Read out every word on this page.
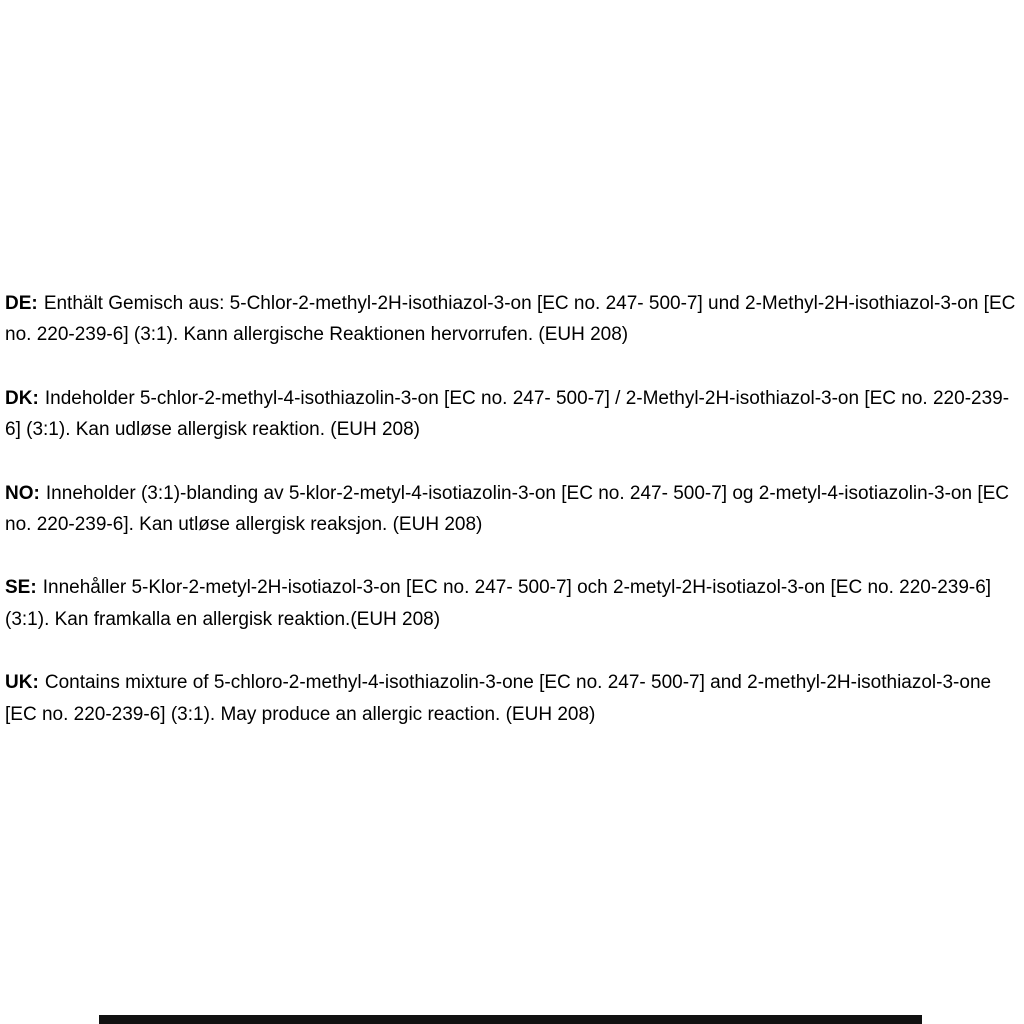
DE: Enthält Gemisch aus: 5-Chlor-2-methyl-2H-isothiazol-3-on [EC no. 247- 500-7] und 2-Methyl-2H-isothiazol-3-on [EC no. 220-239-6] (3:1). Kann allergische Reaktionen hervorrufen. (EUH 208)

DK: Indeholder 5-chlor-2-methyl-4-isothiazolin-3-on [EC no. 247- 500-7] / 2-Methyl-2H-isothiazol-3-on [EC no. 220-239-6] (3:1). Kan udløse allergisk reaktion. (EUH 208)

NO: Inneholder (3:1)-blanding av 5-klor-2-metyl-4-isotiazolin-3-on [EC no. 247- 500-7] og 2-metyl-4-isotiazolin-3-on [EC no. 220-239-6]. Kan utløse allergisk reaksjon. (EUH 208)

SE: Innehåller 5-Klor-2-metyl-2H-isotiazol-3-on [EC no. 247- 500-7] och 2-metyl-2H-isotiazol-3-on [EC no. 220-239-6] (3:1). Kan framkalla en allergisk reaktion.(EUH 208)

UK: Contains mixture of 5-chloro-2-methyl-4-isothiazolin-3-one [EC no. 247- 500-7] and 2-methyl-2H-isothiazol-3-one [EC no. 220-239-6] (3:1). May produce an allergic reaction. (EUH 208)
